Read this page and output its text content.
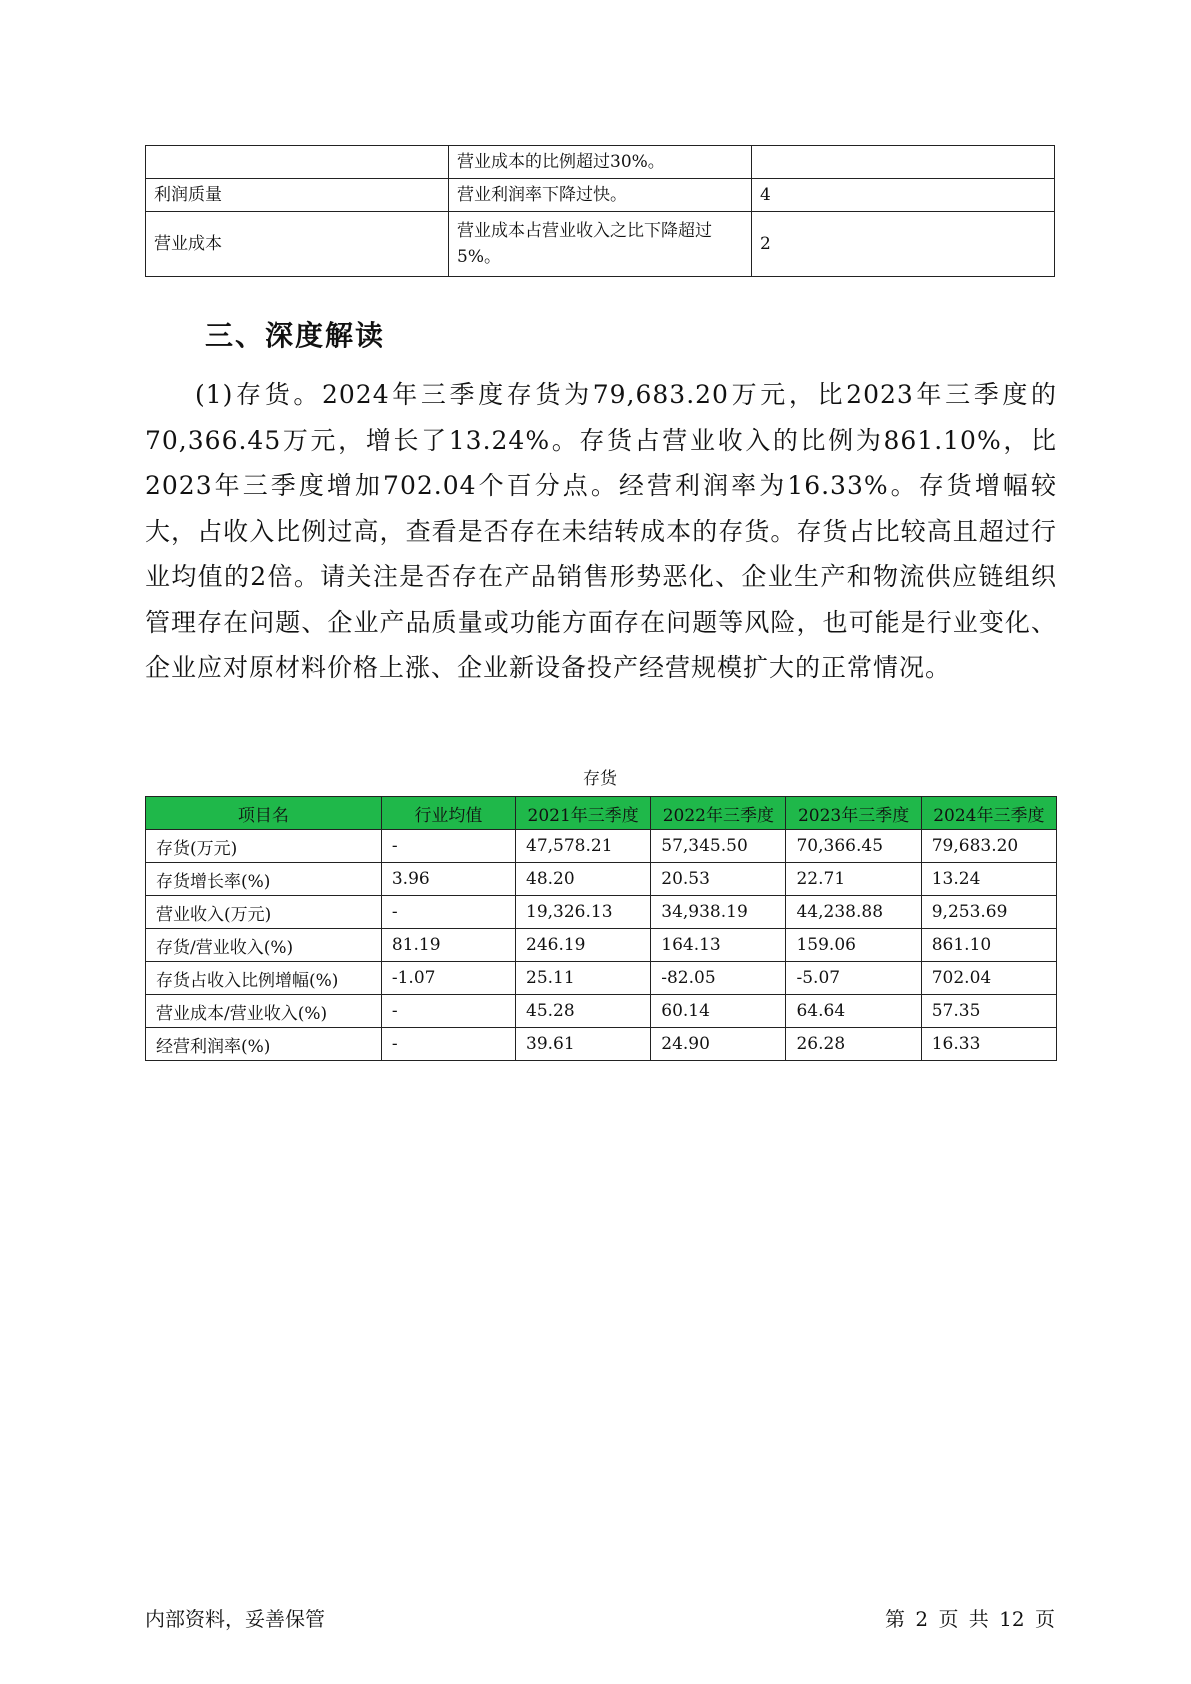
	营业成本的比例超过30%。	
利润质量	营业利润率下降过快。	4
营业成本	营业成本占营业收入之比下降超过5%。	2
三、深度解读

(1)存货。2024年三季度存货为79,683.20万元，比2023年三季度的70,366.45万元，增长了13.24%。存货占营业收入的比例为861.10%，比2023年三季度增加702.04个百分点。经营利润率为16.33%。存货增幅较大，占收入比例过高，查看是否存在未结转成本的存货。存货占比较高且超过行业均值的2倍。请关注是否存在产品销售形势恶化、企业生产和物流供应链组织管理存在问题、企业产品质量或功能方面存在问题等风险，也可能是行业变化、企业应对原材料价格上涨、企业新设备投产经营规模扩大的正常情况。

存货
项目名	行业均值	2021年三季度	2022年三季度	2023年三季度	2024年三季度
存货(万元)	-	47,578.21	57,345.50	70,366.45	79,683.20
存货增长率(%)	3.96	48.20	20.53	22.71	13.24
营业收入(万元)	-	19,326.13	34,938.19	44,238.88	9,253.69
存货/营业收入(%)	81.19	246.19	164.13	159.06	861.10
存货占收入比例增幅(%)	-1.07	25.11	-82.05	-5.07	702.04
营业成本/营业收入(%)	-	45.28	60.14	64.64	57.35
经营利润率(%)	-	39.61	24.90	26.28	16.33
内部资料，妥善保管	第 2 页 共 12 页
